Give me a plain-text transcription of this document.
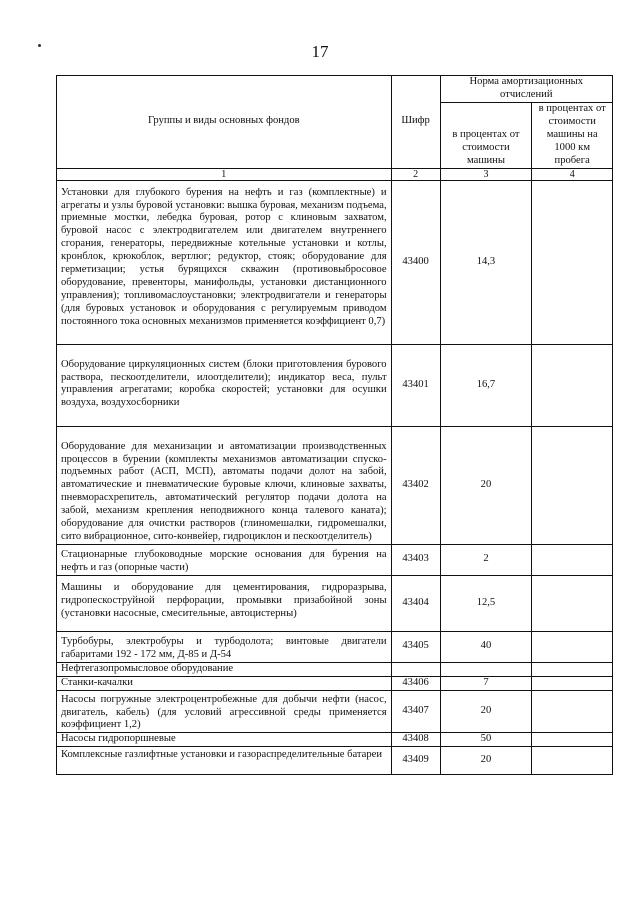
17
Группы и виды основных фондов	Шифр	Норма амортизационных отчислений	
		в процентах от стоимости машины	в процентах от стоимости машины на 1000 км пробега
1	2	3	4
Установки для глубокого бурения на нефть и газ (комплектные) и агрегаты и узлы буровой установки: вышка буровая, механизм подъема, приемные мостки, лебедка буровая, ротор с клиновым захватом, буровой насос с электродвигателем или двигателем внутреннего сгорания, генераторы, передвижные котельные установки и котлы, кронблок, крюкоблок, вертлюг; редуктор, стояк; оборудование для герметизации; устья бурящихся скважин (противовыбросовое оборудование, превенторы, манифольды, установки дистанционного управления); топливомаслоустановки; электродвигатели и генераторы (для буровых установок и оборудования с регулируемым приводом постоянного тока основных механизмов применяется коэффициент 0,7)	43400	14,3	
Оборудование циркуляционных систем (блоки приготовления бурового раствора, пескоотделители, илоотделители); индикатор веса, пульт управления агрегатами; коробка скоростей; установки для осушки воздуха, воздухосборники	43401	16,7	
Оборудование для механизации и автоматизации производственных процессов в бурении (комплекты механизмов автоматизации спуско-подъемных работ (АСП, МСП), автоматы подачи долот на забой, автоматические и пневматические буровые ключи, клиновые захваты, пневморасхрепитель, автоматический регулятор подачи долота на забой, механизм крепления неподвижного конца талевого каната); оборудование для очистки растворов (глиномешалки, гидромешалки, сито вибрационное, сито-конвейер, гидроциклон и пескоотделитель)	43402	20	
Стационарные глубоководные морские основания для бурения на нефть и газ (опорные части)	43403	2	
Машины и оборудование для цементирования, гидроразрыва, гидропескоструйной перфорации, промывки призабойной зоны (установки насосные, смесительные, автоцистерны)	43404	12,5	
Турбобуры, электробуры и турбодолота; винтовые двигатели габаритами 192 - 172 мм, Д-85 и Д-54	43405	40	
Нефтегазопромысловое оборудование			
Станки-качалки	43406	7	
Насосы погружные электроцентробежные для добычи нефти (насос, двигатель, кабель) (для условий агрессивной среды применяется коэффициент 1,2)	43407	20	
Насосы гидропоршневые	43408	50	
Комплексные газлифтные установки и газораспределительные батареи	43409	20	
